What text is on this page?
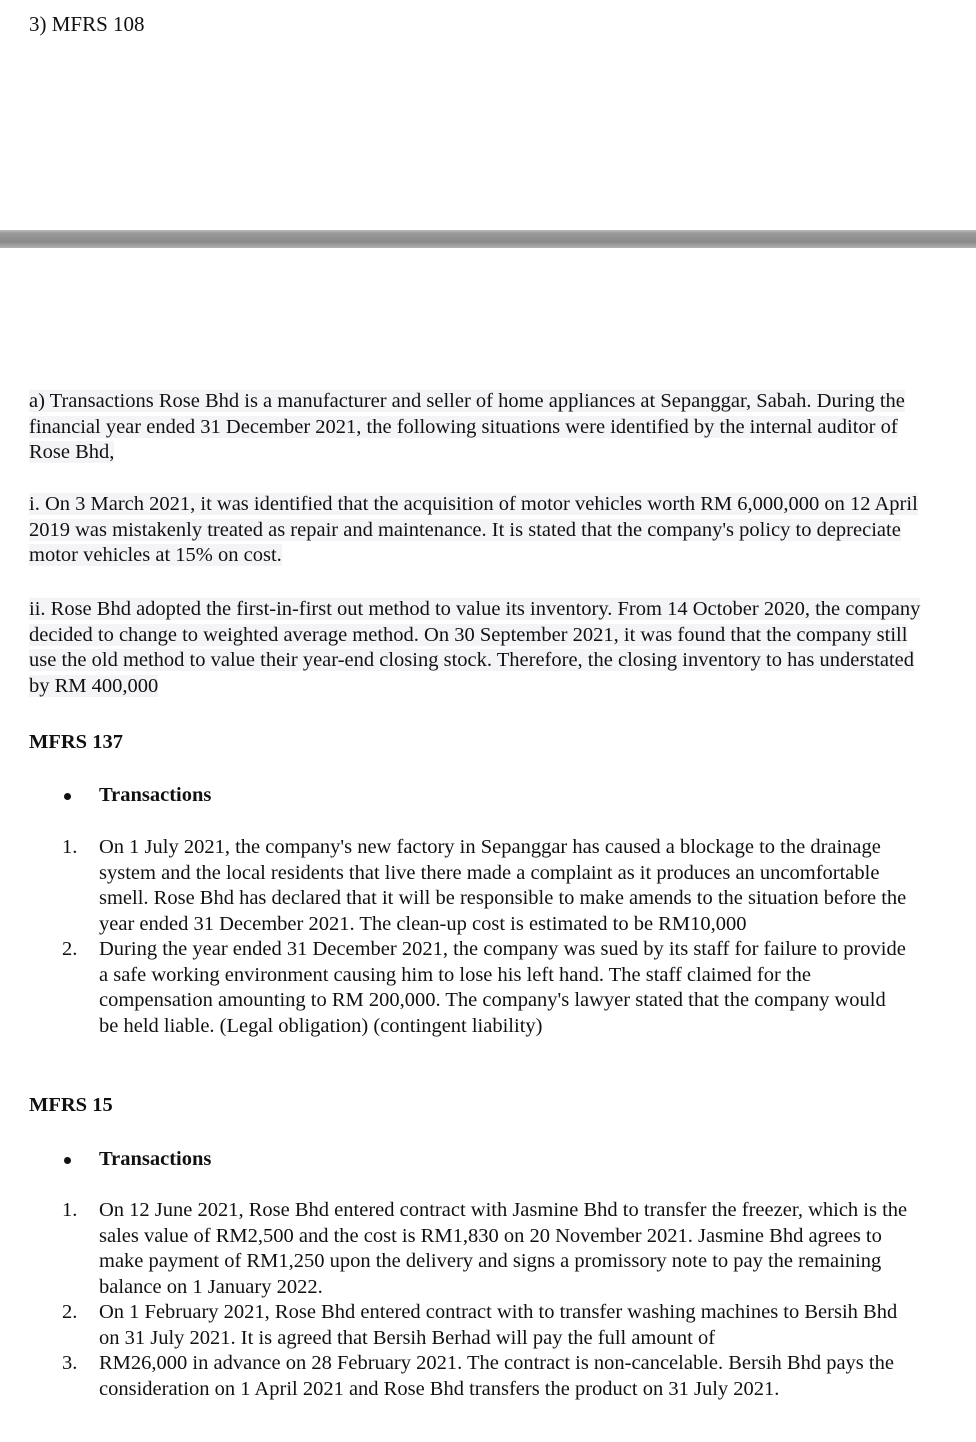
3) MFRS 108

a) Transactions Rose Bhd is a manufacturer and seller of home appliances at Sepanggar, Sabah. During the financial year ended 31 December 2021, the following situations were identified by the internal auditor of Rose Bhd,

i. On 3 March 2021, it was identified that the acquisition of motor vehicles worth RM 6,000,000 on 12 April 2019 was mistakenly treated as repair and maintenance. It is stated that the company's policy to depreciate motor vehicles at 15% on cost.

ii. Rose Bhd adopted the first-in-first out method to value its inventory. From 14 October 2020, the company decided to change to weighted average method. On 30 September 2021, it was found that the company still use the old method to value their year-end closing stock. Therefore, the closing inventory to has understated by RM 400,000

MFRS 137
Transactions
1.	On 1 July 2021, the company's new factory in Sepanggar has caused a blockage to the drainage system and the local residents that live there made a complaint as it produces an uncomfortable smell. Rose Bhd has declared that it will be responsible to make amends to the situation before the year ended 31 December 2021. The clean-up cost is estimated to be RM10,000
2.	During the year ended 31 December 2021, the company was sued by its staff for failure to provide a safe working environment causing him to lose his left hand. The staff claimed for the compensation amounting to RM 200,000. The company's lawyer stated that the company would be held liable. (Legal obligation) (contingent liability)
MFRS 15
Transactions
1.	On 12 June 2021, Rose Bhd entered contract with Jasmine Bhd to transfer the freezer, which is the sales value of RM2,500 and the cost is RM1,830 on 20 November 2021. Jasmine Bhd agrees to make payment of RM1,250 upon the delivery and signs a promissory note to pay the remaining balance on 1 January 2022.
2.	On 1 February 2021, Rose Bhd entered contract with to transfer washing machines to Bersih Bhd on 31 July 2021. It is agreed that Bersih Berhad will pay the full amount of
3.	RM26,000 in advance on 28 February 2021. The contract is non-cancelable. Bersih Bhd pays the consideration on 1 April 2021 and Rose Bhd transfers the product on 31 July 2021.
